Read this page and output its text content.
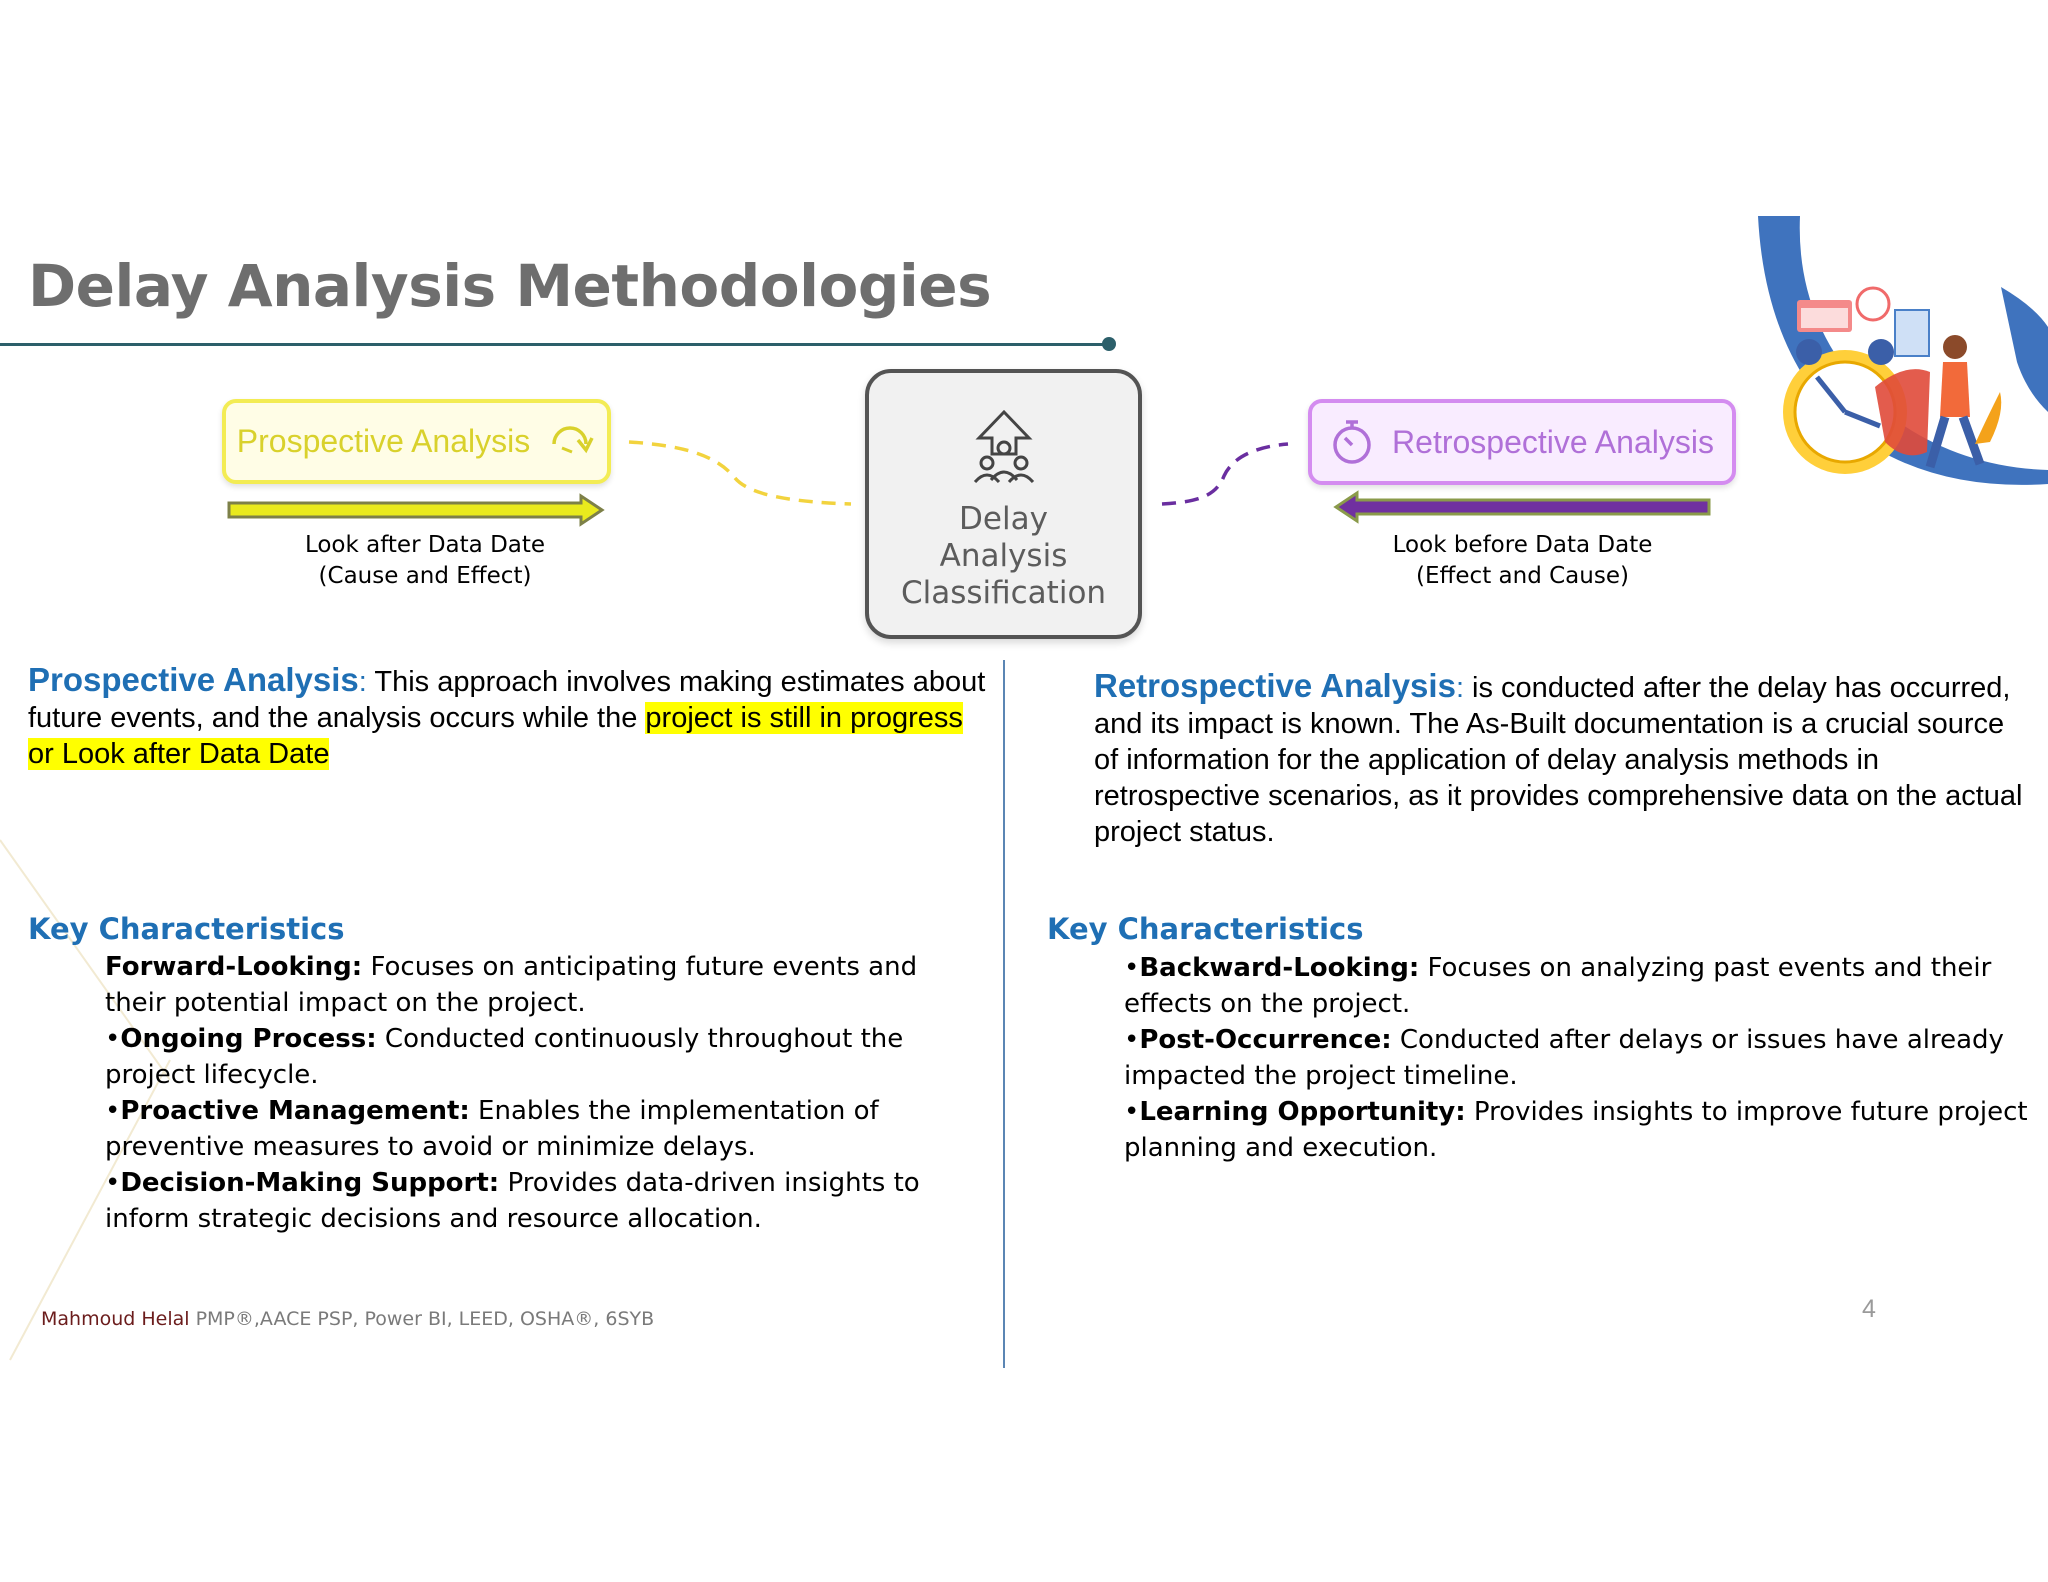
Delay Analysis Methodologies
Prospective Analysis	Retrospective Analysis
Delay
Analysis
Classification
Look after Data Date
(Cause and Effect)
Look before Data Date
(Effect and Cause)
Prospective Analysis: This approach involves making estimates about future events, and the analysis occurs while the project is still in progress or Look after Data Date
Retrospective Analysis: is conducted after the delay has occurred, and its impact is known. The As-Built documentation is a crucial source of information for the application of delay analysis methods in retrospective scenarios, as it provides comprehensive data on the actual project status.
Key Characteristics	Key Characteristics

Forward-Looking: Focuses on anticipating future events and their potential impact on the project.

•Ongoing Process: Conducted continuously throughout the project lifecycle.

•Proactive Management: Enables the implementation of preventive measures to avoid or minimize delays.

•Decision-Making Support: Provides data-driven insights to inform strategic decisions and resource allocation.

•Backward-Looking: Focuses on analyzing past events and their effects on the project.

•Post-Occurrence: Conducted after delays or issues have already impacted the project timeline.

•Learning Opportunity: Provides insights to improve future project planning and execution.

Mahmoud Helal PMP®,AACE PSP, Power BI, LEED, OSHA®, 6SYB	4
